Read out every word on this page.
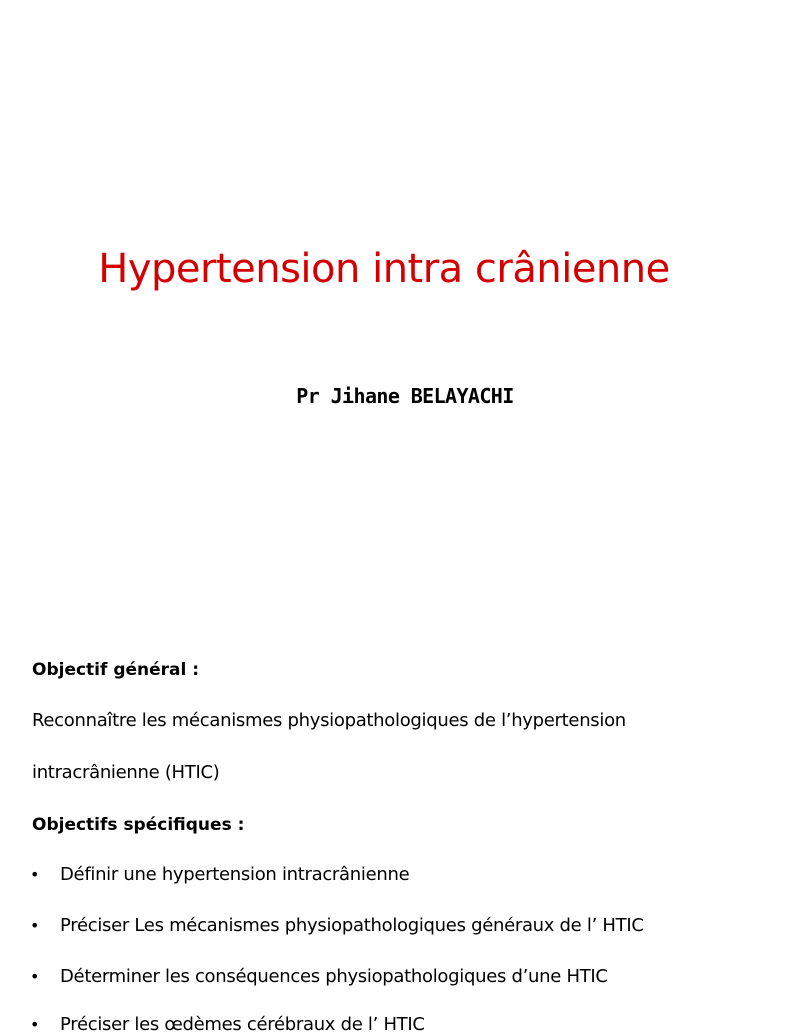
Hypertension intra crânienne
Pr Jihane BELAYACHI
Objectif général :
Reconnaître les mécanismes physiopathologiques de l’hypertension
intracrânienne (HTIC)
Objectifs spécifiques :
• Définir une hypertension intracrânienne
• Préciser Les mécanismes physiopathologiques généraux de l’ HTIC
• Déterminer les conséquences physiopathologiques d’une HTIC
• Préciser les œdèmes cérébraux de l’ HTIC
